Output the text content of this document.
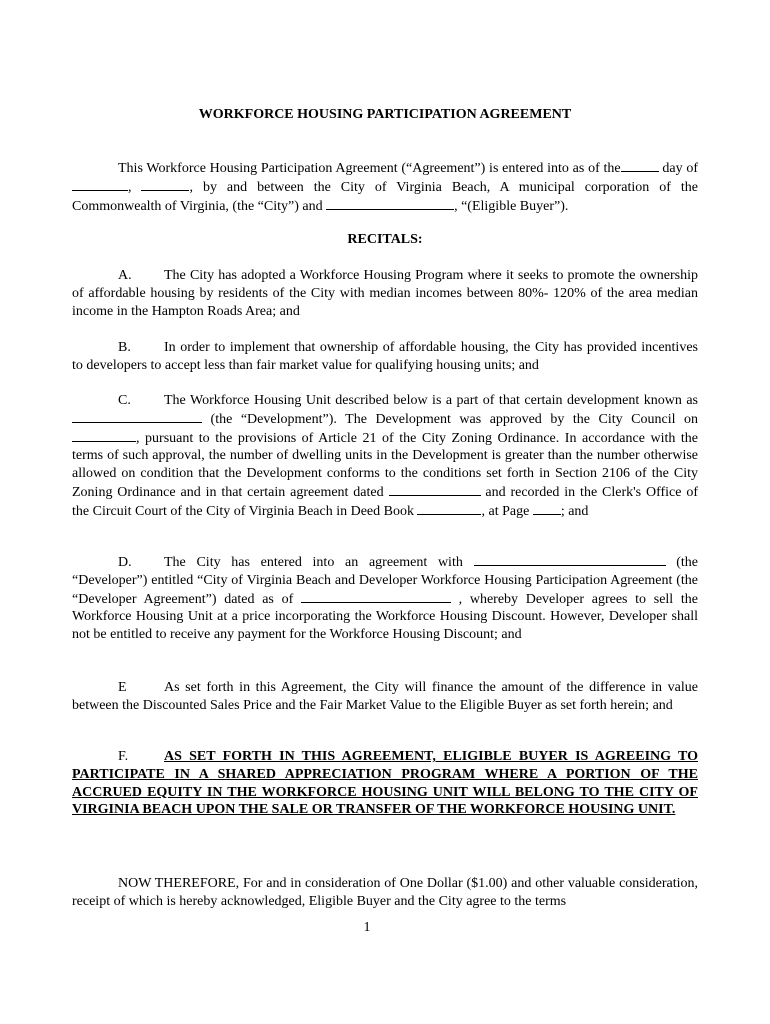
WORKFORCE HOUSING PARTICIPATION AGREEMENT
This Workforce Housing Participation Agreement (“Agreement”) is entered into as of the	day of ,	, by and between the City of Virginia Beach, A municipal corporation of the Commonwealth of Virginia, (the “City”) and	, “(Eligible Buyer”).
RECITALS:
A. The City has adopted a Workforce Housing Program where it seeks to promote the ownership of affordable housing by residents of the City with median incomes between 80%- 120% of the area median income in the Hampton Roads Area; and
B. In order to implement that ownership of affordable housing, the City has provided incentives to developers to accept less than fair market value for qualifying housing units; and
C. The Workforce Housing Unit described below is a part of that certain development known as (the “Development”). The Development was approved by the City Council on , pursuant to the provisions of Article 21 of the City Zoning Ordinance. In accordance with the terms of such approval, the number of dwelling units in the Development is greater than the number otherwise allowed on condition that the Development conforms to the conditions set forth in Section 2106 of the City Zoning Ordinance and in that certain agreement dated	and recorded in the Clerk's Office of the Circuit Court of the City of Virginia Beach in Deed Book	, at Page ; and
D. The City has entered into an agreement with	(the “Developer”) entitled “City of Virginia Beach and Developer Workforce Housing Participation Agreement (the “Developer Agreement”) dated as of	, whereby Developer agrees to sell the Workforce Housing Unit at a price incorporating the Workforce Housing Discount. However, Developer shall not be entitled to receive any payment for the Workforce Housing Discount; and
E	As set forth in this Agreement, the City will finance the amount of the difference in value between the Discounted Sales Price and the Fair Market Value to the Eligible Buyer as set forth herein; and
F.	AS SET FORTH IN THIS AGREEMENT, ELIGIBLE BUYER IS AGREEING TO PARTICIPATE IN A SHARED APPRECIATION PROGRAM WHERE A PORTION OF THE ACCRUED EQUITY IN THE WORKFORCE HOUSING UNIT WILL BELONG TO THE CITY OF VIRGINIA BEACH UPON THE SALE OR TRANSFER OF THE WORKFORCE HOUSING UNIT.
NOW THEREFORE, For and in consideration of One Dollar ($1.00) and other valuable consideration, receipt of which is hereby acknowledged, Eligible Buyer and the City agree to the terms
1
